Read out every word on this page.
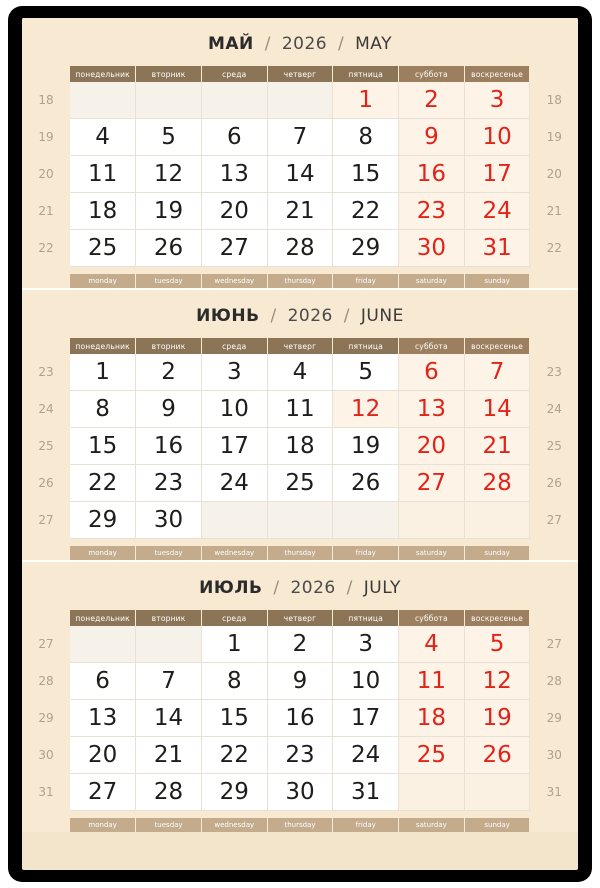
МАЙ / 2026 / MAY
	понедельник	вторник	среда	четверг	пятница	суббота	воскресенье	
18					1	2	3	18
19	4	5	6	7	8	9	10	19
20	11	12	13	14	15	16	17	20
21	18	19	20	21	22	23	24	21
22	25	26	27	28	29	30	31	22

	monday	tuesday	wednesday	thursday	friday	saturday	sunday	
ИЮНЬ / 2026 / JUNE
	понедельник	вторник	среда	четверг	пятница	суббота	воскресенье	
23	1	2	3	4	5	6	7	23
24	8	9	10	11	12	13	14	24
25	15	16	17	18	19	20	21	25
26	22	23	24	25	26	27	28	26
27	29	30						27

	monday	tuesday	wednesday	thursday	friday	saturday	sunday	
ИЮЛЬ / 2026 / JULY
	понедельник	вторник	среда	четверг	пятница	суббота	воскресенье	
27			1	2	3	4	5	27
28	6	7	8	9	10	11	12	28
29	13	14	15	16	17	18	19	29
30	20	21	22	23	24	25	26	30
31	27	28	29	30	31			31

	monday	tuesday	wednesday	thursday	friday	saturday	sunday	
